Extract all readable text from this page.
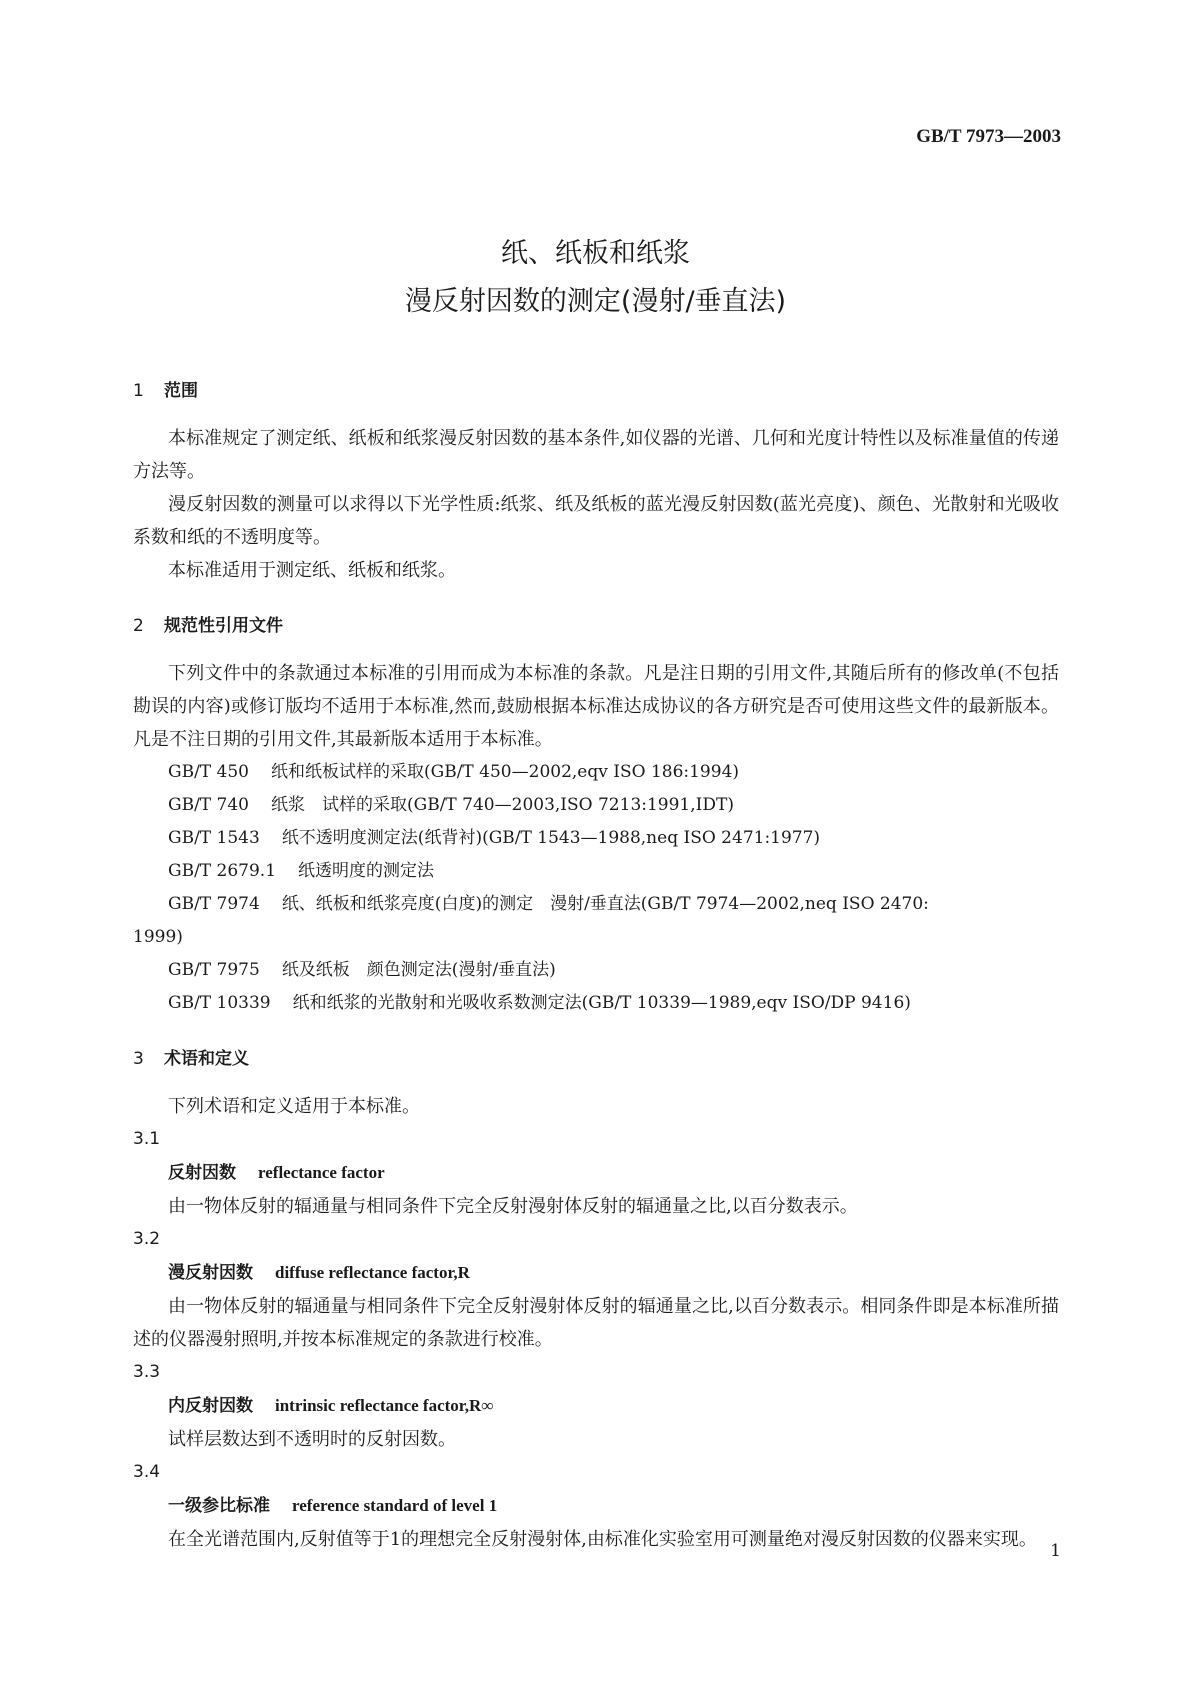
GB/T 7973—2003
纸、纸板和纸浆
漫反射因数的测定(漫射/垂直法)
1	范围

本标准规定了测定纸、纸板和纸浆漫反射因数的基本条件,如仪器的光谱、几何和光度计特性以及标准量值的传递方法等。

漫反射因数的测量可以求得以下光学性质:纸浆、纸及纸板的蓝光漫反射因数(蓝光亮度)、颜色、光散射和光吸收系数和纸的不透明度等。

本标准适用于测定纸、纸板和纸浆。

2	规范性引用文件

下列文件中的条款通过本标准的引用而成为本标准的条款。凡是注日期的引用文件,其随后所有的修改单(不包括勘误的内容)或修订版均不适用于本标准,然而,鼓励根据本标准达成协议的各方研究是否可使用这些文件的最新版本。凡是不注日期的引用文件,其最新版本适用于本标准。

GB/T 450 纸和纸板试样的采取(GB/T 450—2002,eqv ISO 186:1994)

GB/T 740 纸浆　试样的采取(GB/T 740—2003,ISO 7213:1991,IDT)

GB/T 1543 纸不透明度测定法(纸背衬)(GB/T 1543—1988,neq ISO 2471:1977)

GB/T 2679.1 纸透明度的测定法

GB/T 7974 纸、纸板和纸浆亮度(白度)的测定　漫射/垂直法(GB/T 7974—2002,neq ISO 2470:

1999)

GB/T 7975 纸及纸板　颜色测定法(漫射/垂直法)

GB/T 10339 纸和纸浆的光散射和光吸收系数测定法(GB/T 10339—1989,eqv ISO/DP 9416)

3	术语和定义

下列术语和定义适用于本标准。

3.1
反射因数 reflectance factor

由一物体反射的辐通量与相同条件下完全反射漫射体反射的辐通量之比,以百分数表示。

3.2
漫反射因数 diffuse reflectance factor,R

由一物体反射的辐通量与相同条件下完全反射漫射体反射的辐通量之比,以百分数表示。相同条件即是本标准所描述的仪器漫射照明,并按本标准规定的条款进行校准。

3.3
内反射因数 intrinsic reflectance factor,R∞

试样层数达到不透明时的反射因数。

3.4
一级参比标准 reference standard of level 1

在全光谱范围内,反射值等于1的理想完全反射漫射体,由标准化实验室用可测量绝对漫反射因数的仪器来实现。

1
